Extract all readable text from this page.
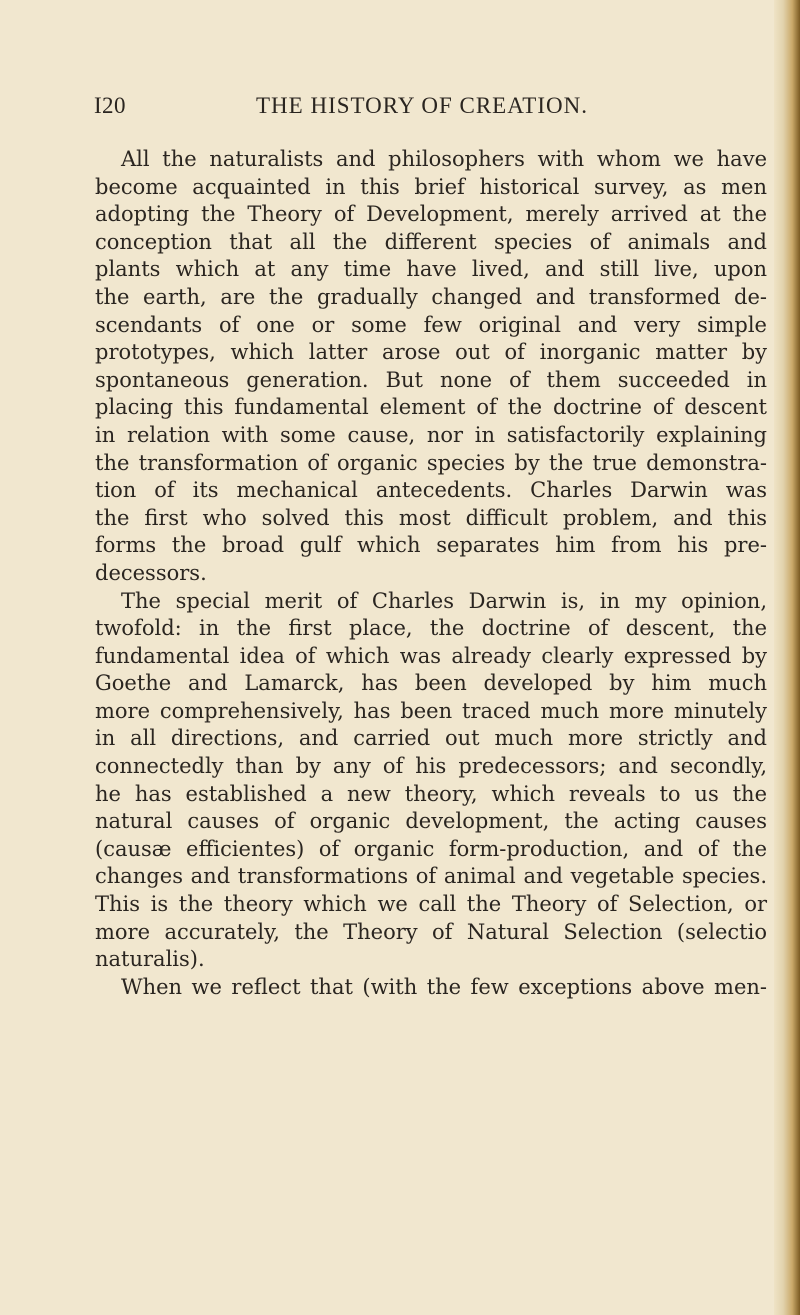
I20	THE HISTORY OF CREATION.
All the naturalists and philosophers with whom we have
become acquainted in this brief historical survey, as men
adopting the Theory of Development, merely arrived at the
conception that all the different species of animals and
plants which at any time have lived, and still live, upon
the earth, are the gradually changed and transformed de-
scendants of one or some few original and very simple
prototypes, which latter arose out of inorganic matter by
spontaneous generation. But none of them succeeded in
placing this fundamental element of the doctrine of descent
in relation with some cause, nor in satisfactorily explaining
the transformation of organic species by the true demonstra-
tion of its mechanical antecedents. Charles Darwin was
the first who solved this most difficult problem, and this
forms the broad gulf which separates him from his pre-
decessors.
The special merit of Charles Darwin is, in my opinion,
twofold: in the first place, the doctrine of descent, the
fundamental idea of which was already clearly expressed by
Goethe and Lamarck, has been developed by him much
more comprehensively, has been traced much more minutely
in all directions, and carried out much more strictly and
connectedly than by any of his predecessors; and secondly,
he has established a new theory, which reveals to us the
natural causes of organic development, the acting causes
(causæ efficientes) of organic form-production, and of the
changes and transformations of animal and vegetable species.
This is the theory which we call the Theory of Selection, or
more accurately, the Theory of Natural Selection (selectio
naturalis).
When we reflect that (with the few exceptions above men-
